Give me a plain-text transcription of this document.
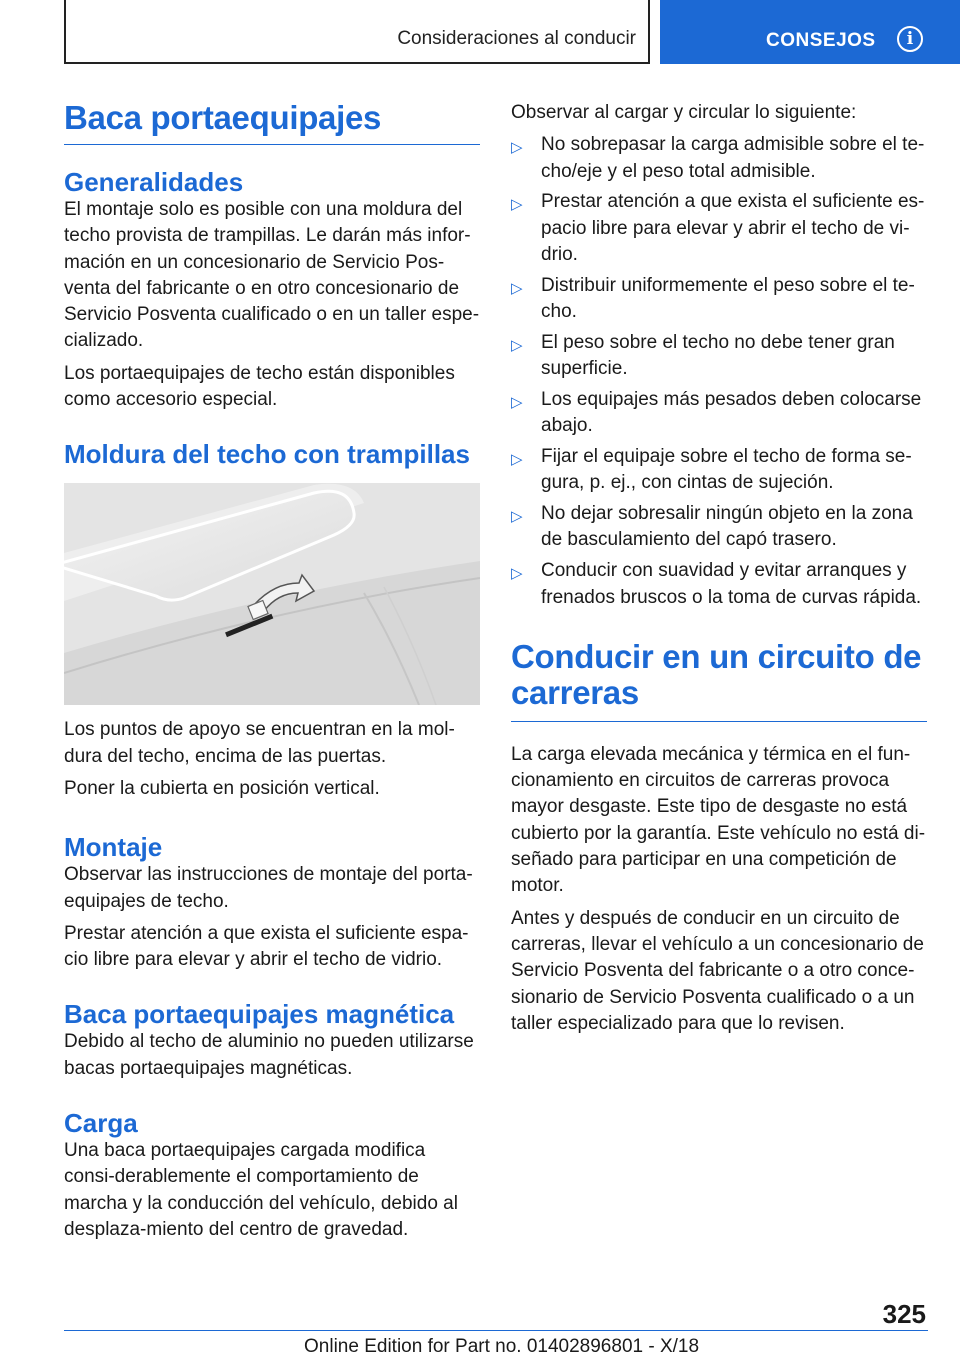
Consideraciones al conducir	CONSEJOS i
Baca portaequipajes
Generalidades

El montaje solo es posible con una moldura del techo provista de trampillas. Le darán más infor-mación en un concesionario de Servicio Pos-venta del fabricante o en otro concesionario de Servicio Posventa cualificado o en un taller espe-cializado.

Los portaequipajes de techo están disponibles como accesorio especial.

Moldura del techo con trampillas

Los puntos de apoyo se encuentran en la mol-dura del techo, encima de las puertas.

Poner la cubierta en posición vertical.

Montaje

Observar las instrucciones de montaje del porta-equipajes de techo.

Prestar atención a que exista el suficiente espa-cio libre para elevar y abrir el techo de vidrio.

Baca portaequipajes magnética

Debido al techo de aluminio no pueden utilizarse bacas portaequipajes magnéticas.

Carga

Una baca portaequipajes cargada modifica consi-derablemente el comportamiento de marcha y la conducción del vehículo, debido al desplaza-miento del centro de gravedad.

Observar al cargar y circular lo siguiente:

▷ No sobrepasar la carga admisible sobre el te-cho/eje y el peso total admisible.
▷ Prestar atención a que exista el suficiente es-pacio libre para elevar y abrir el techo de vi-drio.
▷ Distribuir uniformemente el peso sobre el te-cho.
▷ El peso sobre el techo no debe tener gran superficie.
▷ Los equipajes más pesados deben colocarse abajo.
▷ Fijar el equipaje sobre el techo de forma se-gura, p. ej., con cintas de sujeción.
▷ No dejar sobresalir ningún objeto en la zona de basculamiento del capó trasero.
▷ Conducir con suavidad y evitar arranques y frenados bruscos o la toma de curvas rápida.
Conducir en un circuito de carreras

La carga elevada mecánica y térmica en el fun-cionamiento en circuitos de carreras provoca mayor desgaste. Este tipo de desgaste no está cubierto por la garantía. Este vehículo no está di-señado para participar en una competición de motor.

Antes y después de conducir en un circuito de carreras, llevar el vehículo a un concesionario de Servicio Posventa del fabricante o a otro conce-sionario de Servicio Posventa cualificado o a un taller especializado para que lo revisen.

325
Online Edition for Part no. 01402896801 - X/18
